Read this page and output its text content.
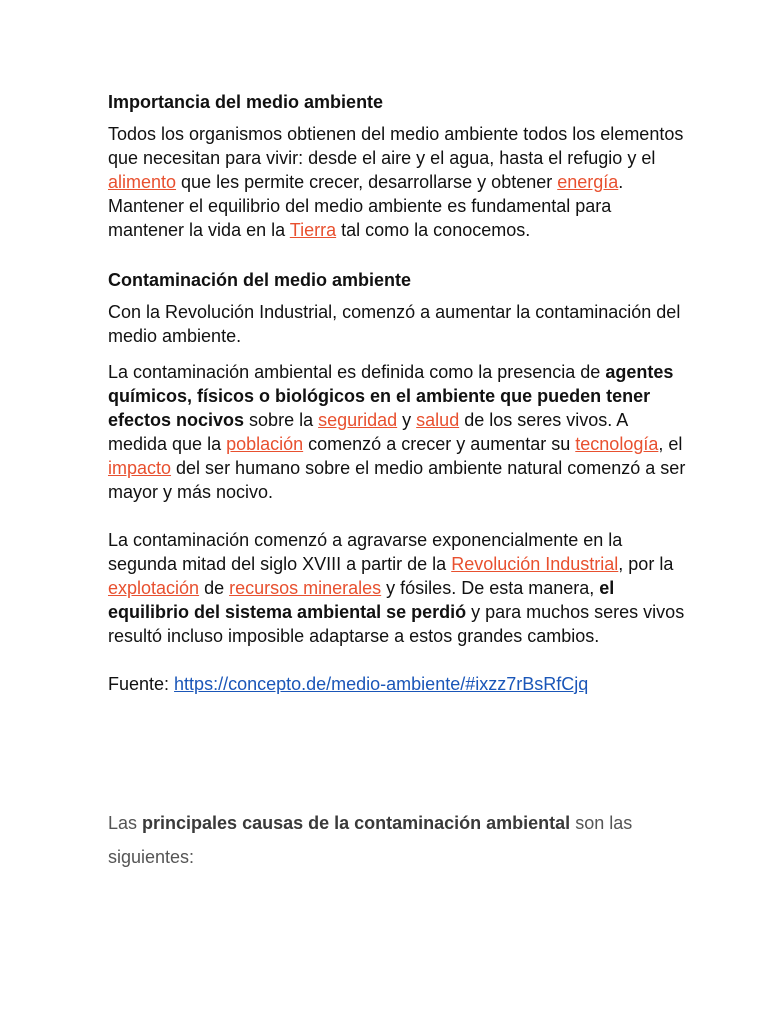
Importancia del medio ambiente

Todos los organismos obtienen del medio ambiente todos los elementos que necesitan para vivir: desde el aire y el agua, hasta el refugio y el alimento que les permite crecer, desarrollarse y obtener energía. Mantener el equilibrio del medio ambiente es fundamental para mantener la vida en la Tierra tal como la conocemos.

Contaminación del medio ambiente

Con la Revolución Industrial, comenzó a aumentar la contaminación del medio ambiente.

La contaminación ambiental es definida como la presencia de agentes químicos, físicos o biológicos en el ambiente que pueden tener efectos nocivos sobre la seguridad y salud de los seres vivos. A medida que la población comenzó a crecer y aumentar su tecnología, el impacto del ser humano sobre el medio ambiente natural comenzó a ser mayor y más nocivo.

La contaminación comenzó a agravarse exponencialmente en la segunda mitad del siglo XVIII a partir de la Revolución Industrial, por la explotación de recursos minerales y fósiles. De esta manera, el equilibrio del sistema ambiental se perdió y para muchos seres vivos resultó incluso imposible adaptarse a estos grandes cambios.

Fuente: https://concepto.de/medio-ambiente/#ixzz7rBsRfCjq

Las principales causas de la contaminación ambiental son las siguientes:
